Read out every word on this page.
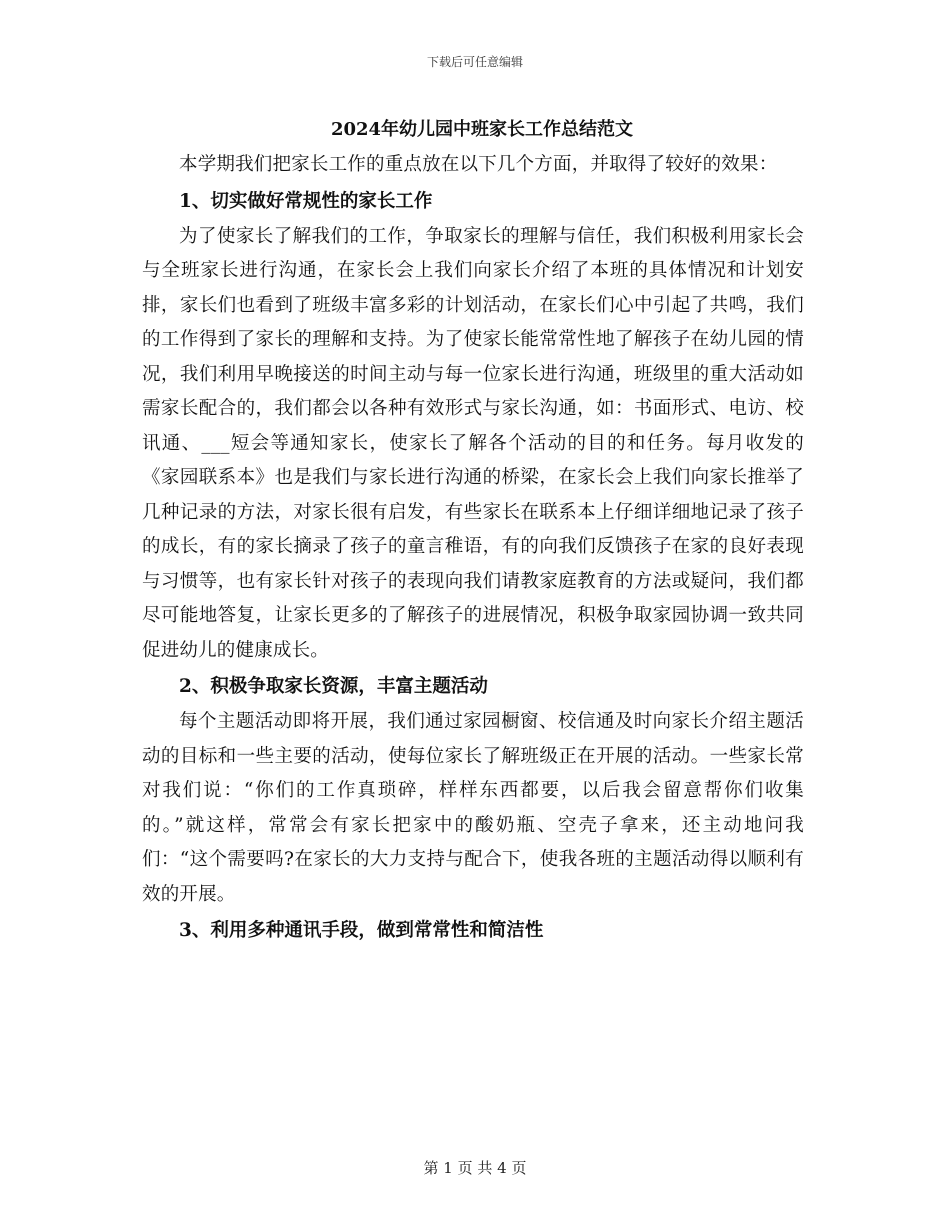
下载后可任意编辑
2024年幼儿园中班家长工作总结范文

本学期我们把家长工作的重点放在以下几个方面，并取得了较好的效果：

1、切实做好常规性的家长工作

为了使家长了解我们的工作，争取家长的理解与信任，我们积极利用家长会与全班家长进行沟通，在家长会上我们向家长介绍了本班的具体情况和计划安排，家长们也看到了班级丰富多彩的计划活动，在家长们心中引起了共鸣，我们的工作得到了家长的理解和支持。为了使家长能常常性地了解孩子在幼儿园的情况，我们利用早晚接送的时间主动与每一位家长进行沟通，班级里的重大活动如需家长配合的，我们都会以各种有效形式与家长沟通，如：书面形式、电访、校讯通、___短会等通知家长，使家长了解各个活动的目的和任务。每月收发的《家园联系本》也是我们与家长进行沟通的桥梁，在家长会上我们向家长推举了几种记录的方法，对家长很有启发，有些家长在联系本上仔细详细地记录了孩子的成长，有的家长摘录了孩子的童言稚语，有的向我们反馈孩子在家的良好表现与习惯等，也有家长针对孩子的表现向我们请教家庭教育的方法或疑问，我们都尽可能地答复，让家长更多的了解孩子的进展情况，积极争取家园协调一致共同促进幼儿的健康成长。

2、积极争取家长资源，丰富主题活动

每个主题活动即将开展，我们通过家园橱窗、校信通及时向家长介绍主题活动的目标和一些主要的活动，使每位家长了解班级正在开展的活动。一些家长常对我们说：“你们的工作真琐碎，样样东西都要，以后我会留意帮你们收集的。”就这样，常常会有家长把家中的酸奶瓶、空壳子拿来，还主动地问我们：“这个需要吗?在家长的大力支持与配合下，使我各班的主题活动得以顺利有效的开展。

3、利用多种通讯手段，做到常常性和简洁性

第 1 页 共 4 页
